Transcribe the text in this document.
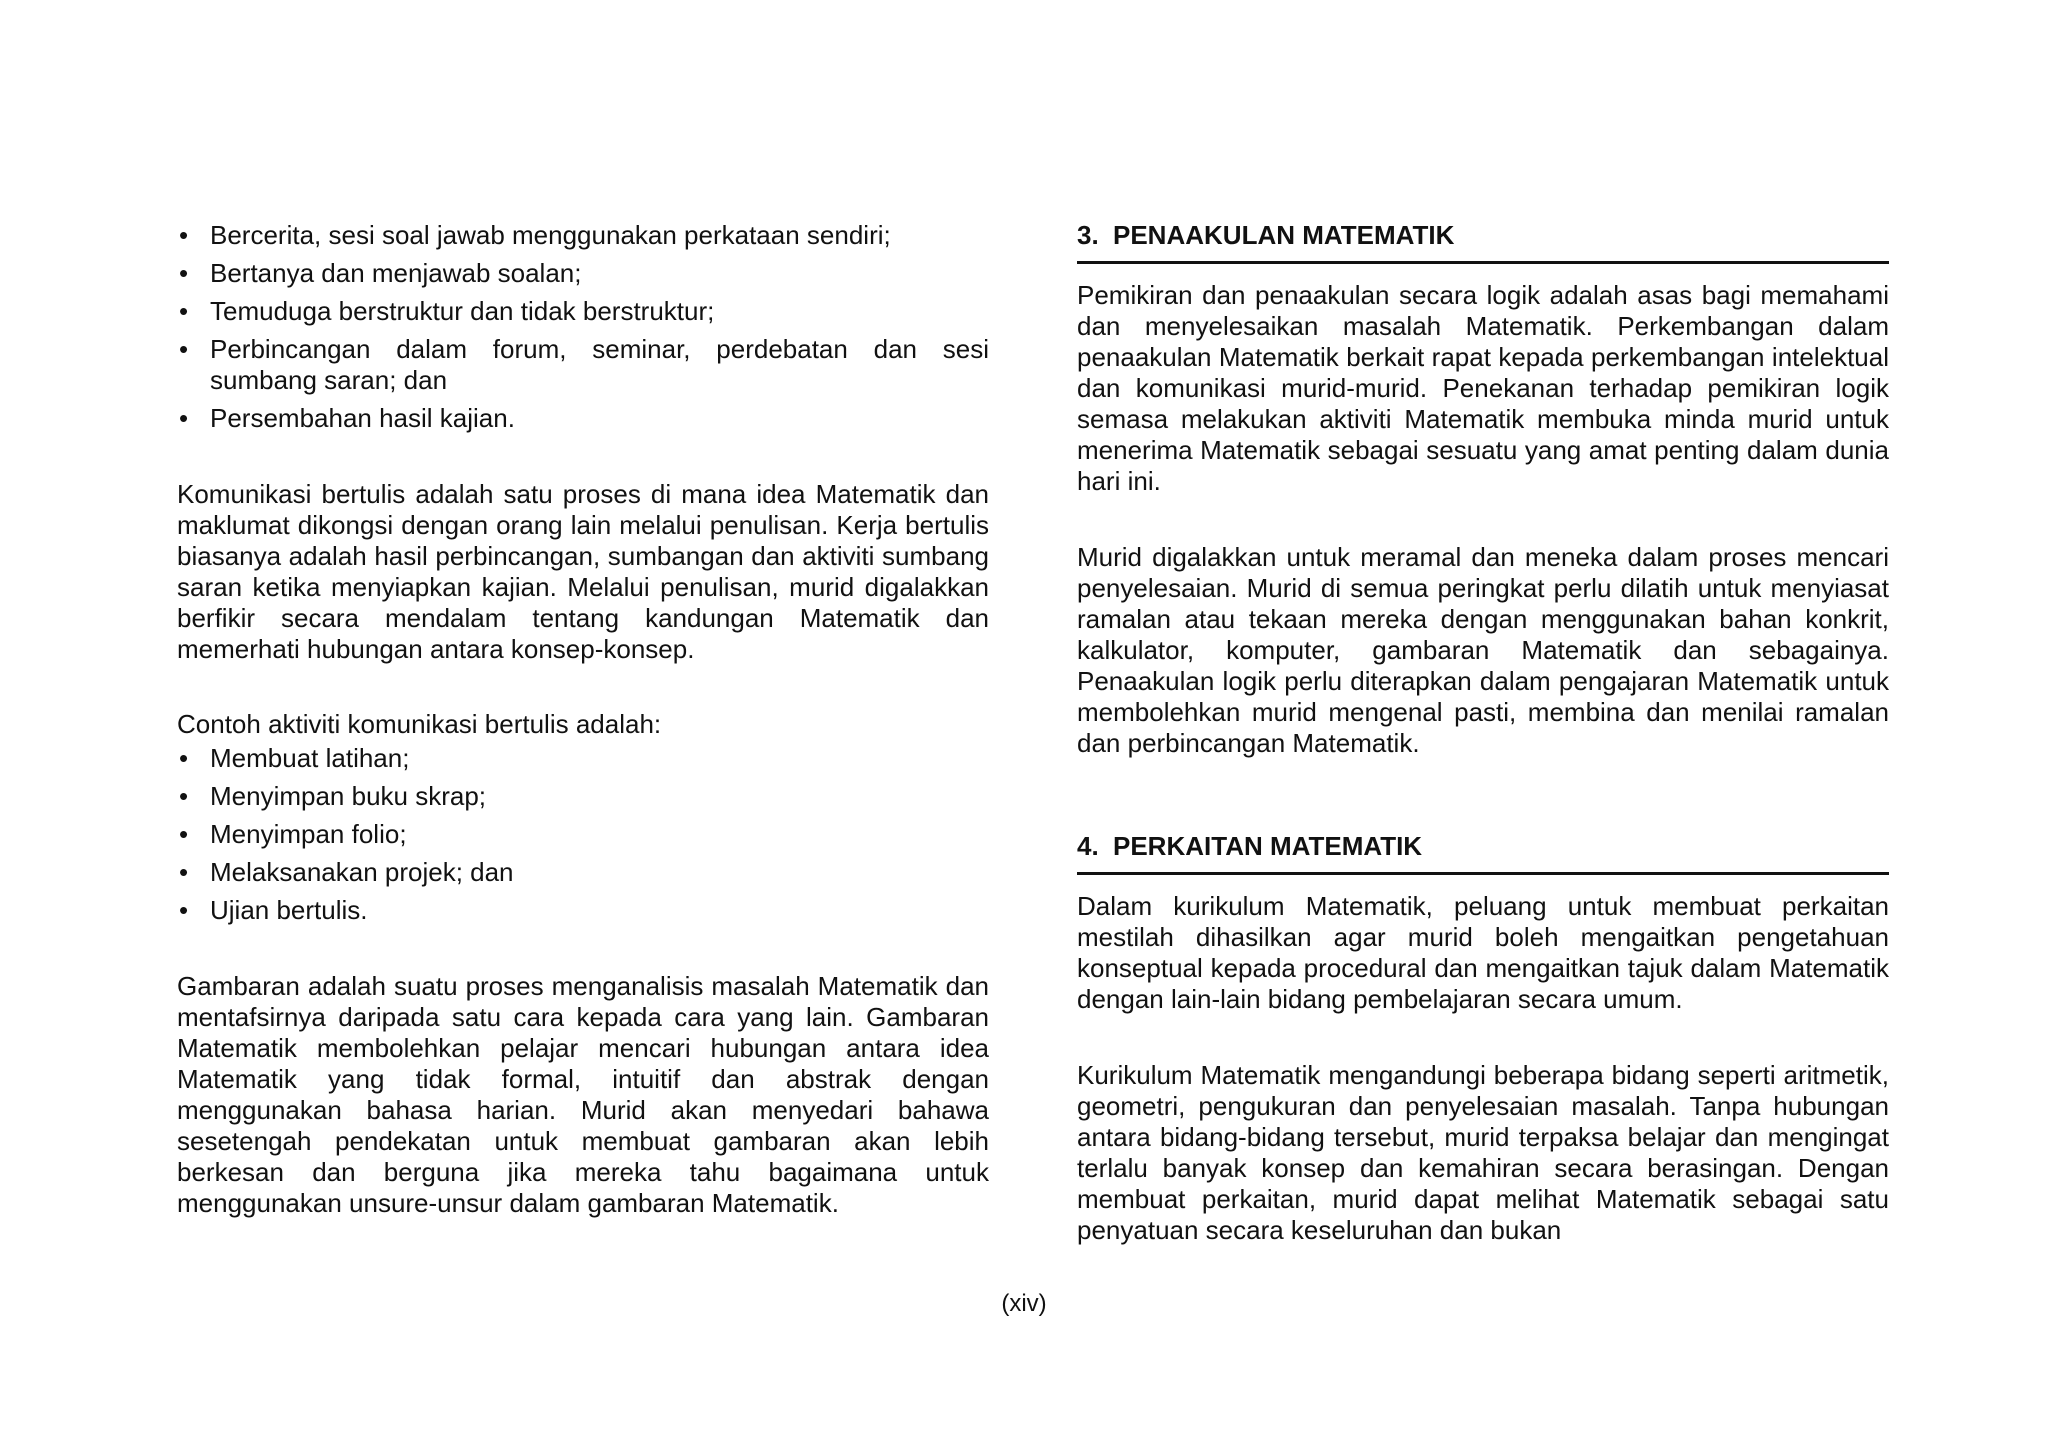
• Bercerita, sesi soal jawab menggunakan perkataan sendiri;
• Bertanya dan menjawab soalan;
• Temuduga berstruktur dan tidak berstruktur;
• Perbincangan dalam forum, seminar, perdebatan dan sesi sumbang saran; dan
• Persembahan hasil kajian.

Komunikasi bertulis adalah satu proses di mana idea Matematik dan maklumat dikongsi dengan orang lain melalui penulisan. Kerja bertulis biasanya adalah hasil perbincangan, sumbangan dan aktiviti sumbang saran ketika menyiapkan kajian. Melalui penulisan, murid digalakkan berfikir secara mendalam tentang kandungan Matematik dan memerhati hubungan antara konsep-konsep.

Contoh aktiviti komunikasi bertulis adalah:

• Membuat latihan;
• Menyimpan buku skrap;
• Menyimpan folio;
• Melaksanakan projek; dan
• Ujian bertulis.

Gambaran adalah suatu proses menganalisis masalah Matematik dan mentafsirnya daripada satu cara kepada cara yang lain. Gambaran Matematik membolehkan pelajar mencari hubungan antara idea Matematik yang tidak formal, intuitif dan abstrak dengan menggunakan bahasa harian. Murid akan menyedari bahawa sesetengah pendekatan untuk membuat gambaran akan lebih berkesan dan berguna jika mereka tahu bagaimana untuk menggunakan unsure-unsur dalam gambaran Matematik.

3. PENAAKULAN MATEMATIK

Pemikiran dan penaakulan secara logik adalah asas bagi memahami dan menyelesaikan masalah Matematik. Perkembangan dalam penaakulan Matematik berkait rapat kepada perkembangan intelektual dan komunikasi murid-murid. Penekanan terhadap pemikiran logik semasa melakukan aktiviti Matematik membuka minda murid untuk menerima Matematik sebagai sesuatu yang amat penting dalam dunia hari ini.

Murid digalakkan untuk meramal dan meneka dalam proses mencari penyelesaian. Murid di semua peringkat perlu dilatih untuk menyiasat ramalan atau tekaan mereka dengan menggunakan bahan konkrit, kalkulator, komputer, gambaran Matematik dan sebagainya. Penaakulan logik perlu diterapkan dalam pengajaran Matematik untuk membolehkan murid mengenal pasti, membina dan menilai ramalan dan perbincangan Matematik.

4. PERKAITAN MATEMATIK

Dalam kurikulum Matematik, peluang untuk membuat perkaitan mestilah dihasilkan agar murid boleh mengaitkan pengetahuan konseptual kepada procedural dan mengaitkan tajuk dalam Matematik dengan lain-lain bidang pembelajaran secara umum.

Kurikulum Matematik mengandungi beberapa bidang seperti aritmetik, geometri, pengukuran dan penyelesaian masalah. Tanpa hubungan antara bidang-bidang tersebut, murid terpaksa belajar dan mengingat terlalu banyak konsep dan kemahiran secara berasingan. Dengan membuat perkaitan, murid dapat melihat Matematik sebagai satu penyatuan secara keseluruhan dan bukan

(xiv)
